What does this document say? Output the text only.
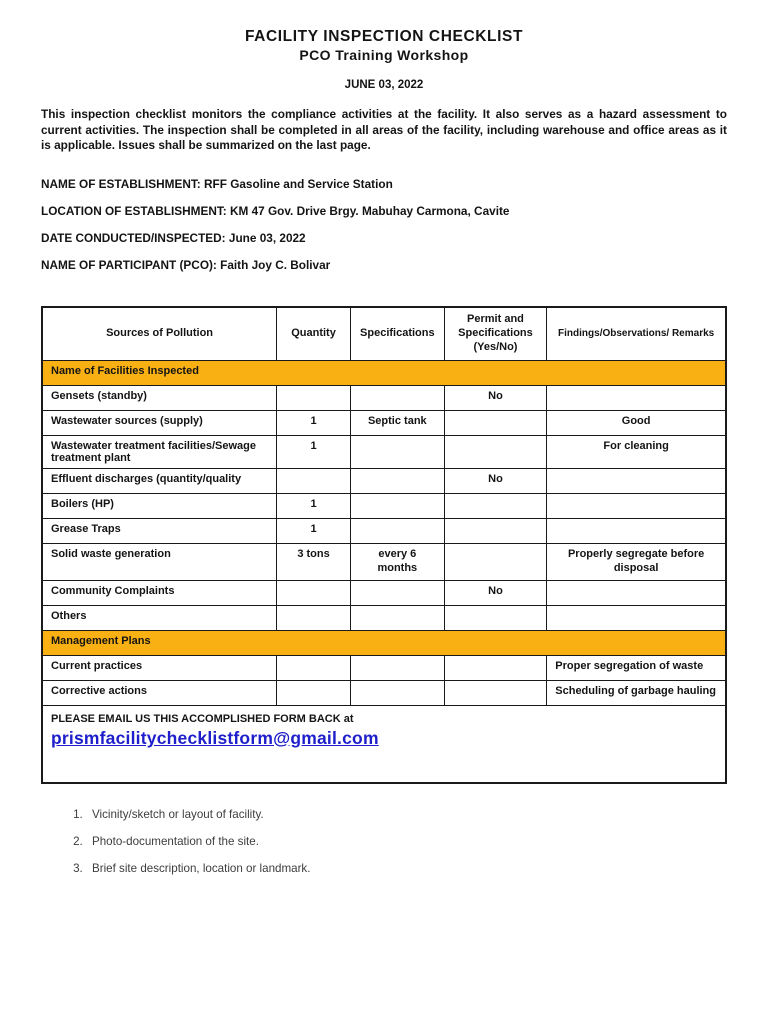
FACILITY INSPECTION CHECKLIST
PCO Training Workshop
JUNE 03, 2022

This inspection checklist monitors the compliance activities at the facility. It also serves as a hazard assessment to current activities. The inspection shall be completed in all areas of the facility, including warehouse and office areas as it is applicable. Issues shall be summarized on the last page.

NAME OF ESTABLISHMENT: RFF Gasoline and Service Station
LOCATION OF ESTABLISHMENT: KM 47 Gov. Drive Brgy. Mabuhay Carmona, Cavite
DATE CONDUCTED/INSPECTED: June 03, 2022
NAME OF PARTICIPANT (PCO): Faith Joy C. Bolivar
Sources of Pollution	Quantity	Specifications	Permit and Specifications (Yes/No)	Findings/Observations/ Remarks
Name of Facilities Inspected				
Gensets (standby)			No	
Wastewater sources (supply)	1	Septic tank		Good
Wastewater treatment facilities/Sewage treatment plant	1			For cleaning
Effluent discharges (quantity/quality			No	
Boilers (HP)	1			
Grease Traps	1			
Solid waste generation	3 tons	every 6 months		Properly segregate before disposal
Community Complaints			No	
Others				
Management Plans				
Current practices				Proper segregation of waste
Corrective actions				Scheduling of garbage hauling

PLEASE EMAIL US THIS ACCOMPLISHED FORM BACK at
prismfacilitychecklistform@gmail.com				
1. Vicinity/sketch or layout of facility.
2. Photo-documentation of the site.
3. Brief site description, location or landmark.
